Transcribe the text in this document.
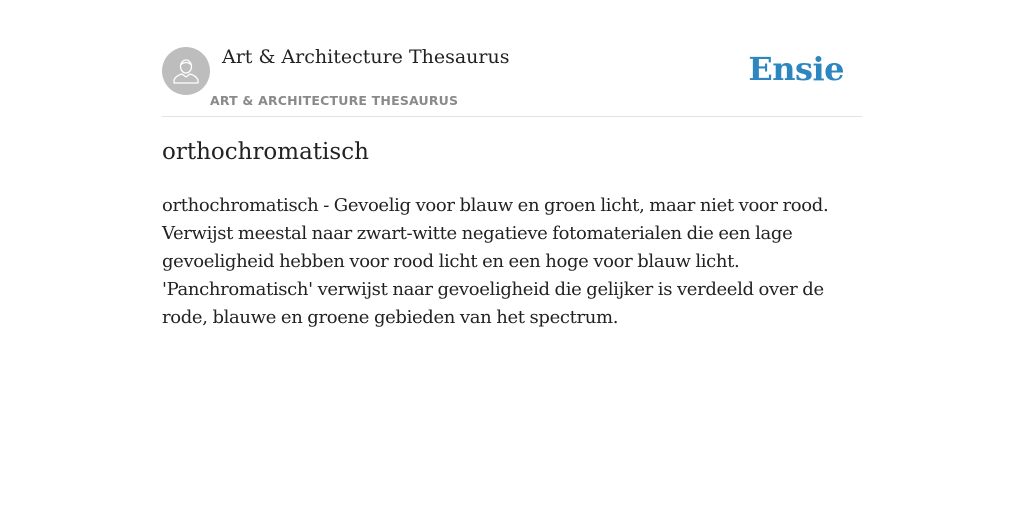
Art & Architecture Thesaurus
ART & ARCHITECTURE THESAURUS
Ensie
orthochromatisch

orthochromatisch - Gevoelig voor blauw en groen licht, maar niet voor rood. Verwijst meestal naar zwart-witte negatieve fotomaterialen die een lage gevoeligheid hebben voor rood licht en een hoge voor blauw licht. 'Panchromatisch' verwijst naar gevoeligheid die gelijker is verdeeld over de rode, blauwe en groene gebieden van het spectrum.
